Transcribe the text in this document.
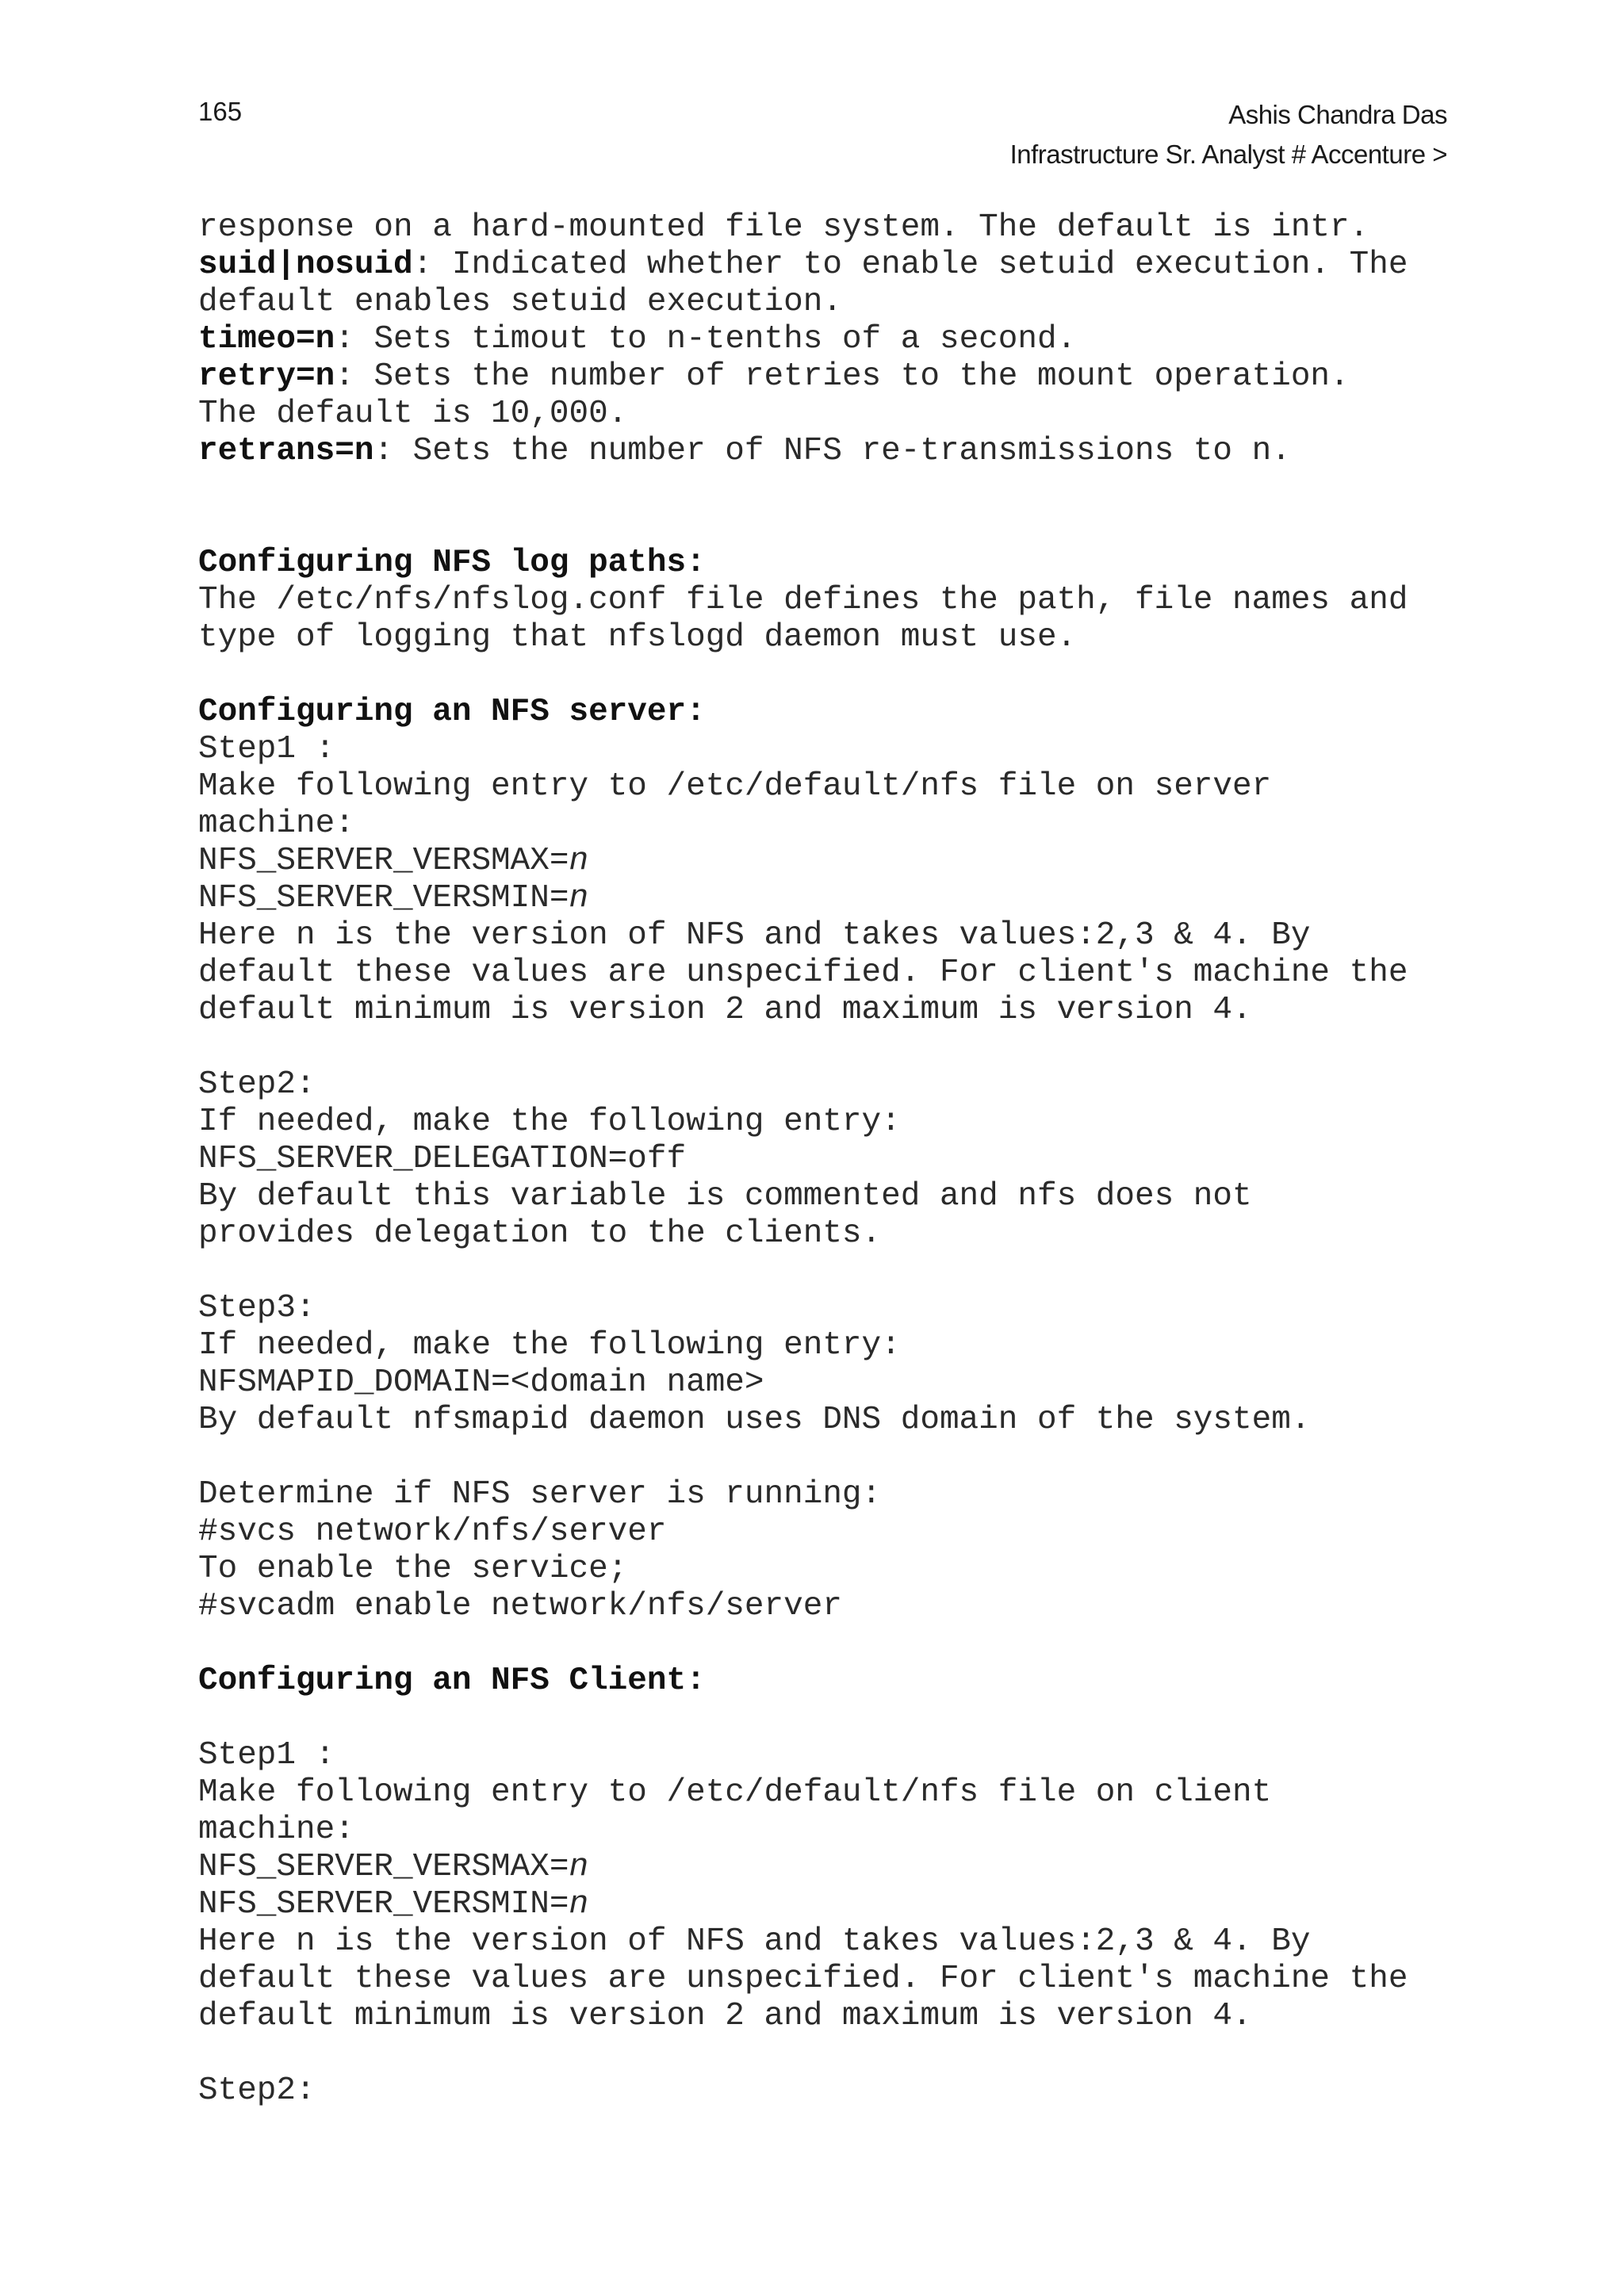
165	Ashis Chandra Das
Infrastructure Sr. Analyst # Accenture >
response on a hard-mounted file system. The default is intr.
suid|nosuid: Indicated whether to enable setuid execution. The
default enables setuid execution.
timeo=n: Sets timout to n-tenths of a second.
retry=n: Sets the number of retries to the mount operation.
The default is 10,000.
retrans=n: Sets the number of NFS re-transmissions to n.
Configuring NFS log paths:
The /etc/nfs/nfslog.conf file defines the path, file names and
type of logging that nfslogd daemon must use.
Configuring an NFS server:
Step1 :
Make following entry to /etc/default/nfs file on server
machine:
NFS_SERVER_VERSMAX=n
NFS_SERVER_VERSMIN=n
Here n is the version of NFS and takes values:2,3 & 4. By
default these values are unspecified. For client's machine the
default minimum is version 2 and maximum is version 4.
Step2:
If needed, make the following entry:
NFS_SERVER_DELEGATION=off
By default this variable is commented and nfs does not
provides delegation to the clients.
Step3:
If needed, make the following entry:
NFSMAPID_DOMAIN=<domain name>
By default nfsmapid daemon uses DNS domain of the system.
Determine if NFS server is running:
#svcs network/nfs/server
To enable the service;
#svcadm enable network/nfs/server
Configuring an NFS Client:
Step1 :
Make following entry to /etc/default/nfs file on client
machine:
NFS_SERVER_VERSMAX=n
NFS_SERVER_VERSMIN=n
Here n is the version of NFS and takes values:2,3 & 4. By
default these values are unspecified. For client's machine the
default minimum is version 2 and maximum is version 4.
Step2:
